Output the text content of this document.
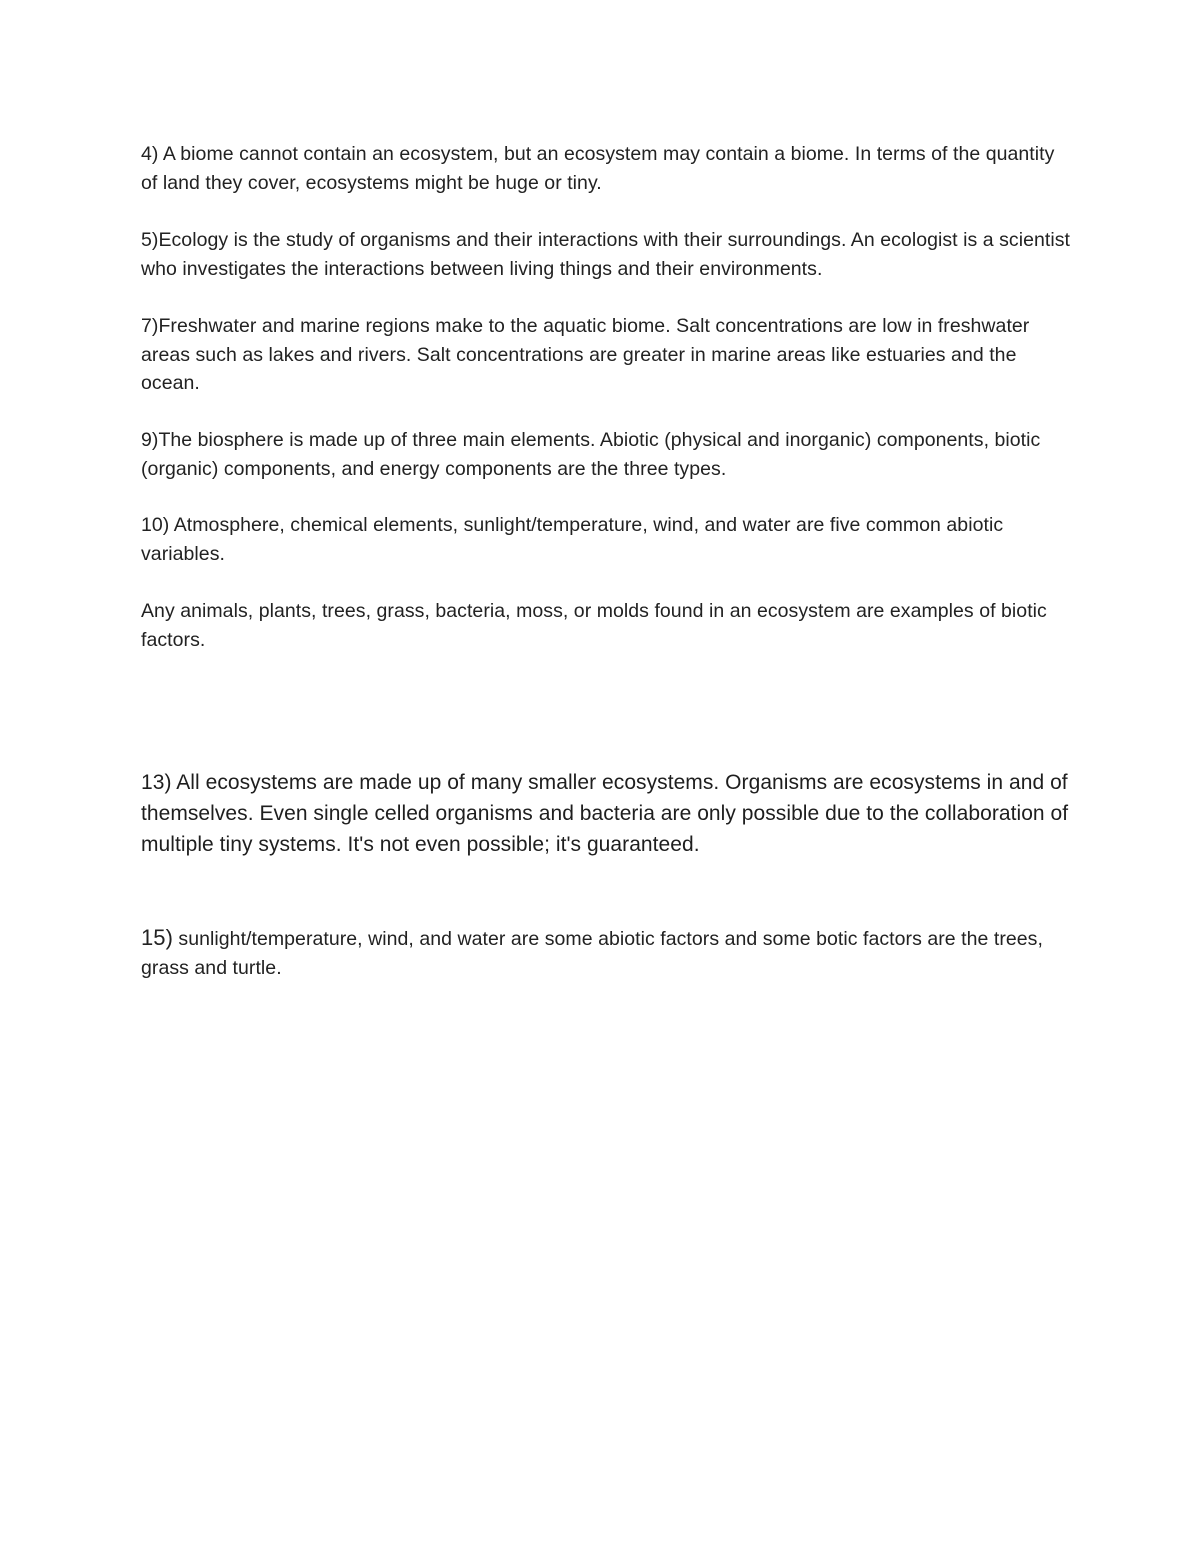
4) A biome cannot contain an ecosystem, but an ecosystem may contain a biome. In terms of the quantity of land they cover, ecosystems might be huge or tiny.

5)Ecology is the study of organisms and their interactions with their surroundings. An ecologist is a scientist who investigates the interactions between living things and their environments.

7)Freshwater and marine regions make to the aquatic biome. Salt concentrations are low in freshwater areas such as lakes and rivers. Salt concentrations are greater in marine areas like estuaries and the ocean.

9)The biosphere is made up of three main elements. Abiotic (physical and inorganic) components, biotic (organic) components, and energy components are the three types.

10) Atmosphere, chemical elements, sunlight/temperature, wind, and water are five common abiotic variables.

Any animals, plants, trees, grass, bacteria, moss, or molds found in an ecosystem are examples of biotic factors.

13) All ecosystems are made up of many smaller ecosystems. Organisms are ecosystems in and of themselves. Even single celled organisms and bacteria are only possible due to the collaboration of multiple tiny systems. It's not even possible; it's guaranteed.

15) sunlight/temperature, wind, and water are some abiotic factors and some botic factors are the trees, grass and turtle.
